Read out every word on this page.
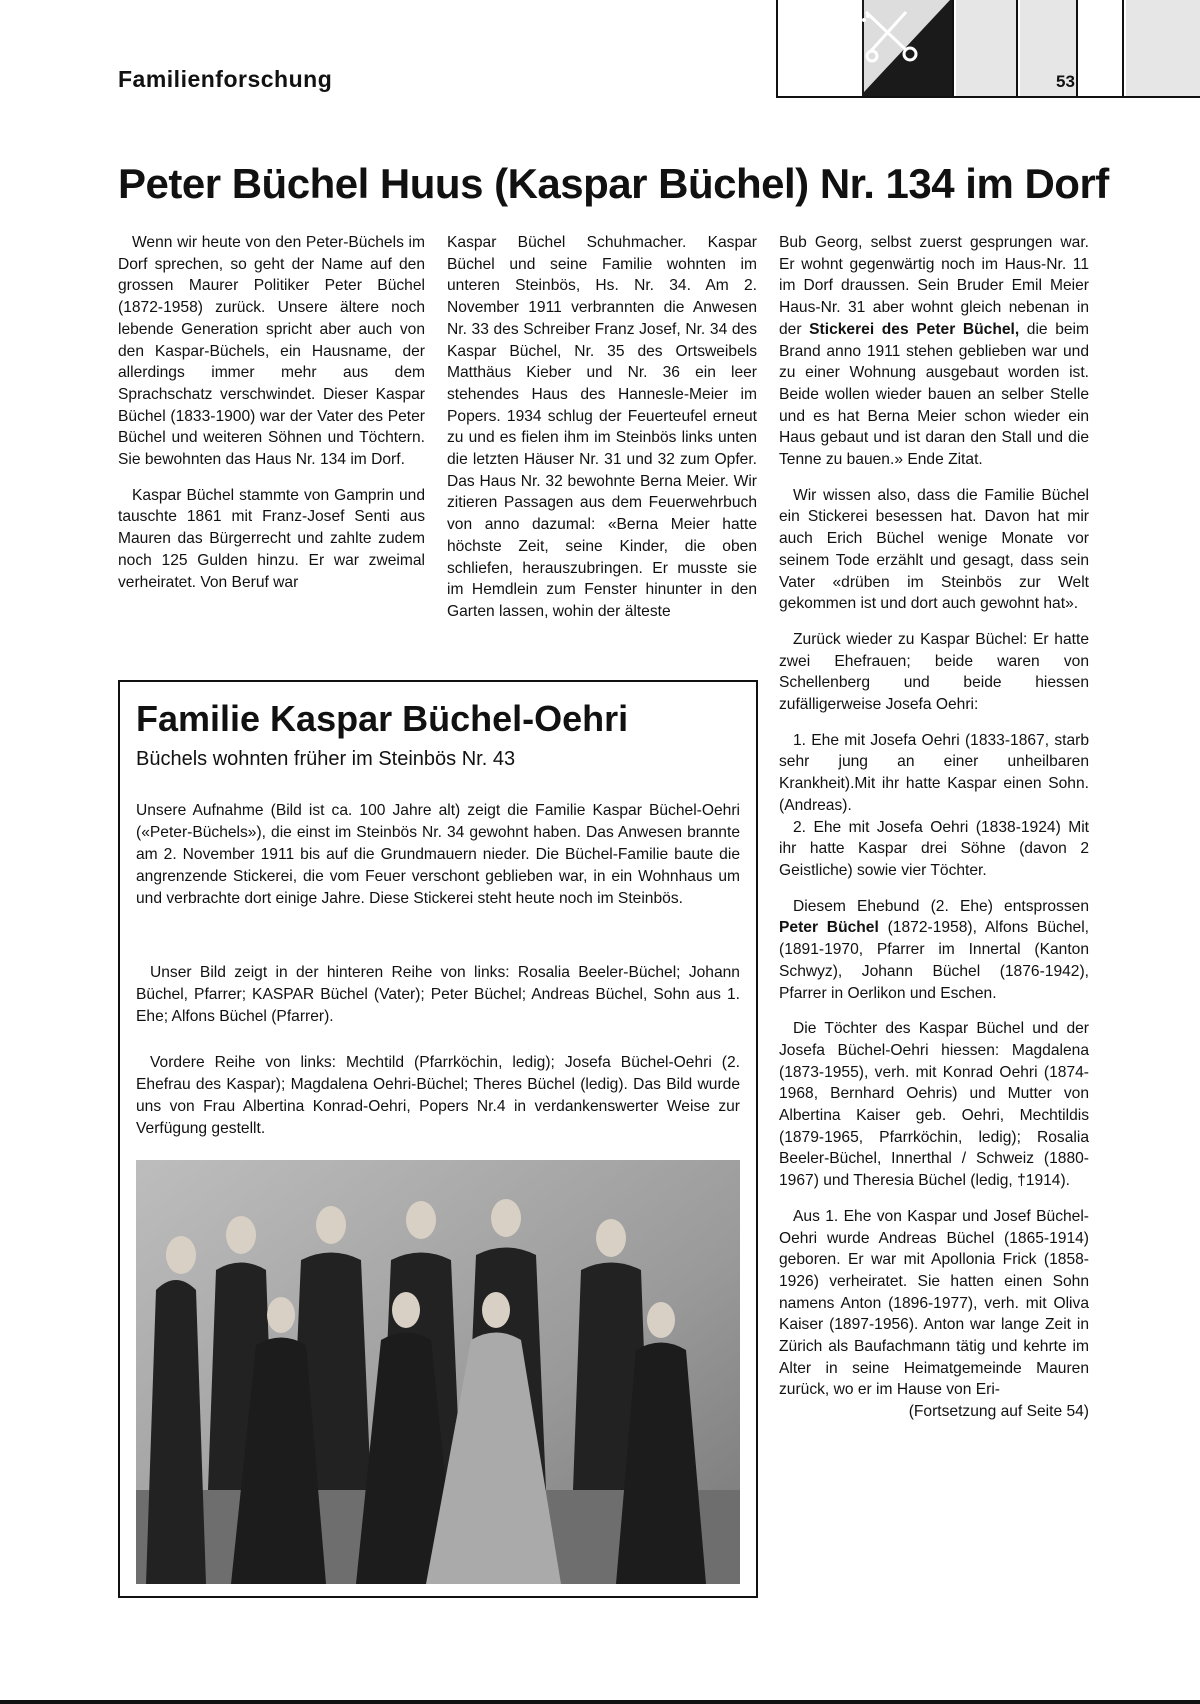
Familienforschung	53
Peter Büchel Huus (Kaspar Büchel) Nr. 134 im Dorf

Wenn wir heute von den Peter-Büchels im Dorf sprechen, so geht der Name auf den grossen Maurer Politiker Peter Büchel (1872-1958) zurück. Unsere ältere noch lebende Generation spricht aber auch von den Kaspar-Büchels, ein Hausname, der allerdings immer mehr aus dem Sprachschatz verschwindet. Dieser Kaspar Büchel (1833-1900) war der Vater des Peter Büchel und weiteren Söhnen und Töchtern. Sie bewohnten das Haus Nr. 134 im Dorf.

Kaspar Büchel stammte von Gamprin und tauschte 1861 mit Franz-Josef Senti aus Mauren das Bürgerrecht und zahlte zudem noch 125 Gulden hinzu. Er war zweimal verheiratet. Von Beruf war

Kaspar Büchel Schuhmacher. Kaspar Büchel und seine Familie wohnten im unteren Steinbös, Hs. Nr. 34. Am 2. November 1911 verbrannten die Anwesen Nr. 33 des Schreiber Franz Josef, Nr. 34 des Kaspar Büchel, Nr. 35 des Ortsweibels Matthäus Kieber und Nr. 36 ein leer stehendes Haus des Hannesle-Meier im Popers. 1934 schlug der Feuerteufel erneut zu und es fielen ihm im Steinbös links unten die letzten Häuser Nr. 31 und 32 zum Opfer. Das Haus Nr. 32 bewohnte Berna Meier. Wir zitieren Passagen aus dem Feuerwehrbuch von anno dazumal: «Berna Meier hatte höchste Zeit, seine Kinder, die oben schliefen, herauszubringen. Er musste sie im Hemdlein zum Fenster hinunter in den Garten lassen, wohin der älteste

Bub Georg, selbst zuerst gesprungen war. Er wohnt gegenwärtig noch im Haus-Nr. 11 im Dorf draussen. Sein Bruder Emil Meier Haus-Nr. 31 aber wohnt gleich nebenan in der Stickerei des Peter Büchel, die beim Brand anno 1911 stehen geblieben war und zu einer Wohnung ausgebaut worden ist. Beide wollen wieder bauen an selber Stelle und es hat Berna Meier schon wieder ein Haus gebaut und ist daran den Stall und die Tenne zu bauen.» Ende Zitat.

Wir wissen also, dass die Familie Büchel ein Stickerei besessen hat. Davon hat mir auch Erich Büchel wenige Monate vor seinem Tode erzählt und gesagt, dass sein Vater «drüben im Steinbös zur Welt gekommen ist und dort auch gewohnt hat».

Zurück wieder zu Kaspar Büchel: Er hatte zwei Ehefrauen; beide waren von Schellenberg und beide hiessen zufälligerweise Josefa Oehri:

1. Ehe mit Josefa Oehri (1833-1867, starb sehr jung an einer unheilbaren Krankheit).Mit ihr hatte Kaspar einen Sohn. (Andreas).

2. Ehe mit Josefa Oehri (1838-1924) Mit ihr hatte Kaspar drei Söhne (davon 2 Geistliche) sowie vier Töchter.

Diesem Ehebund (2. Ehe) entsprossen Peter Büchel (1872-1958), Alfons Büchel,(1891-1970, Pfarrer im Innertal (Kanton Schwyz), Johann Büchel (1876-1942), Pfarrer in Oerlikon und Eschen.

Die Töchter des Kaspar Büchel und der Josefa Büchel-Oehri hiessen: Magdalena (1873-1955), verh. mit Konrad Oehri (1874-1968, Bernhard Oehris) und Mutter von Albertina Kaiser geb. Oehri, Mechtildis (1879-1965, Pfarrköchin, ledig); Rosalia Beeler-Büchel, Innerthal / Schweiz (1880-1967) und Theresia Büchel (ledig, †1914).

Aus 1. Ehe von Kaspar und Josef Büchel-Oehri wurde Andreas Büchel (1865-1914) geboren. Er war mit Apollonia Frick (1858-1926) verheiratet. Sie hatten einen Sohn namens Anton (1896-1977), verh. mit Oliva Kaiser (1897-1956). Anton war lange Zeit in Zürich als Baufachmann tätig und kehrte im Alter in seine Heimatgemeinde Mauren zurück, wo er im Hause von Eri-

(Fortsetzung auf Seite 54)
Familie Kaspar Büchel-Oehri
Büchels wohnten früher im Steinbös Nr. 43

Unsere Aufnahme (Bild ist ca. 100 Jahre alt) zeigt die Familie Kaspar Büchel-Oehri («Peter-Büchels»), die einst im Steinbös Nr. 34 gewohnt haben. Das Anwesen brannte am 2. November 1911 bis auf die Grundmauern nieder. Die Büchel-Familie baute die angrenzende Stickerei, die vom Feuer verschont geblieben war, in ein Wohnhaus um und verbrachte dort einige Jahre. Diese Stickerei steht heute noch im Steinbös.

Unser Bild zeigt in der hinteren Reihe von links: Rosalia Beeler-Büchel; Johann Büchel, Pfarrer; KASPAR Büchel (Vater); Peter Büchel; Andreas Büchel, Sohn aus 1. Ehe; Alfons Büchel (Pfarrer).

Vordere Reihe von links: Mechtild (Pfarrköchin, ledig); Josefa Büchel-Oehri (2. Ehefrau des Kaspar); Magdalena Oehri-Büchel; Theres Büchel (ledig). Das Bild wurde uns von Frau Albertina Konrad-Oehri, Popers Nr.4 in verdankenswerter Weise zur Verfügung gestellt.
